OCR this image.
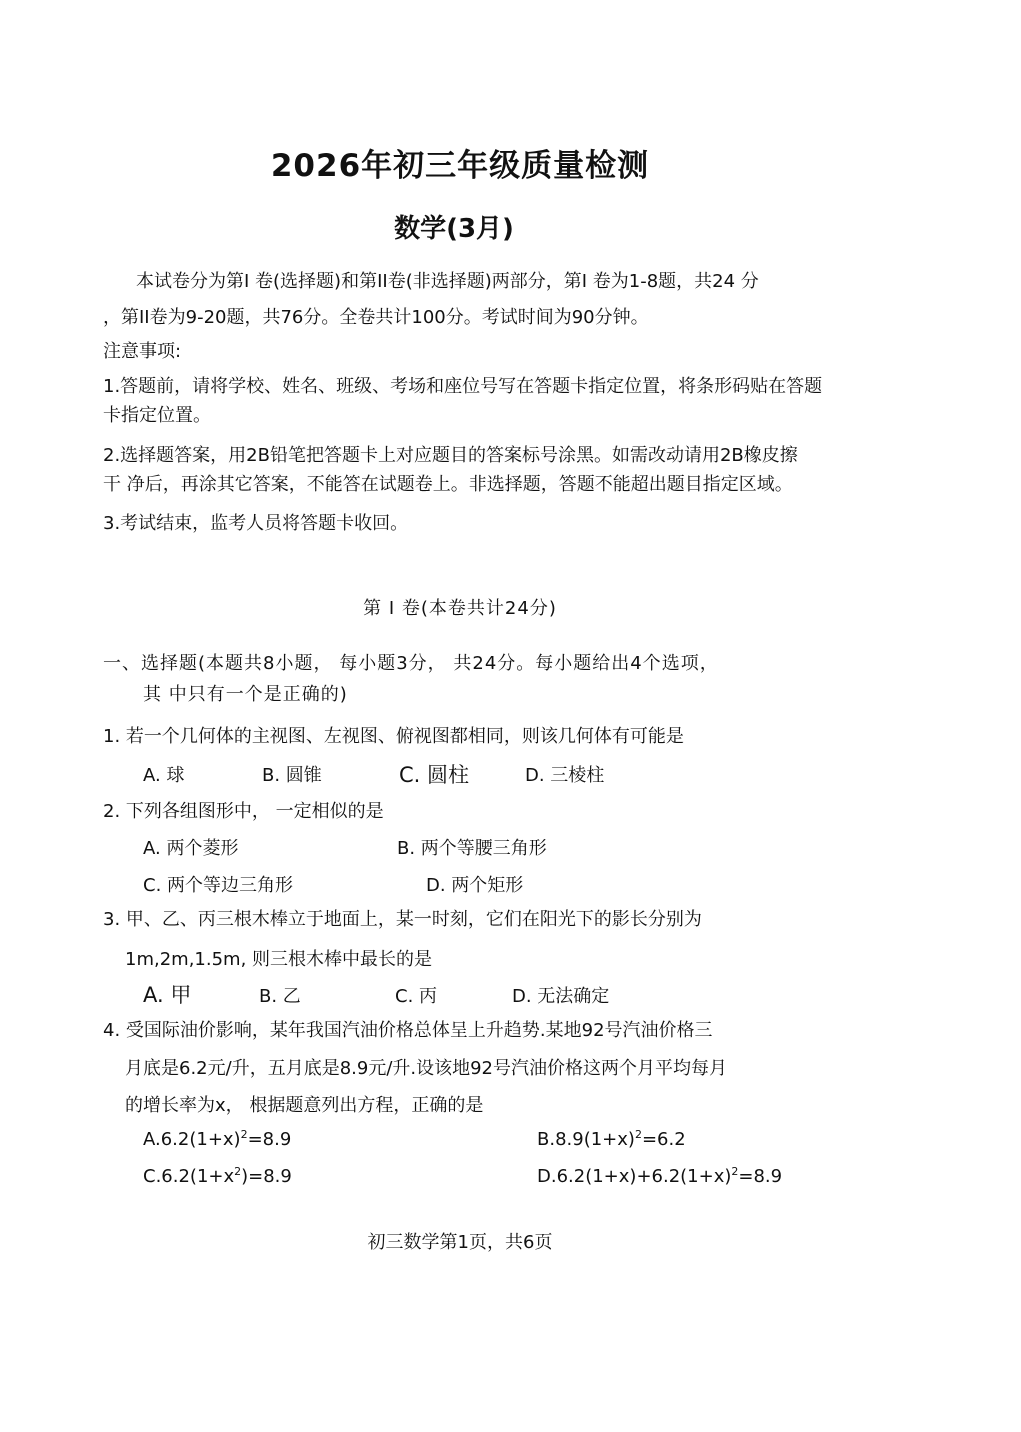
2026年初三年级质量检测
数学(3月)
本试卷分为第I 卷(选择题)和第II卷(非选择题)两部分，第I 卷为1-8题，共24 分
，第II卷为9-20题，共76分。全卷共计100分。考试时间为90分钟。
注意事项:
1.答题前，请将学校、姓名、班级、考场和座位号写在答题卡指定位置，将条形码贴在答题
卡指定位置。
2.选择题答案，用2B铅笔把答题卡上对应题目的答案标号涂黑。如需改动请用2B橡皮擦
干 净后，再涂其它答案，不能答在试题卷上。非选择题，答题不能超出题目指定区域。
3.考试结束，监考人员将答题卡收回。
第 Ⅰ 卷(本卷共计24分)
一、选择题(本题共8小题， 每小题3分， 共24分。每小题给出4个选项，
其 中只有一个是正确的)
1. 若一个几何体的主视图、左视图、俯视图都相同，则该几何体有可能是
A. 球	B. 圆锥	C. 圆柱	D. 三棱柱
2. 下列各组图形中， 一定相似的是
A. 两个菱形	B. 两个等腰三角形
C. 两个等边三角形	D. 两个矩形
3. 甲、乙、丙三根木棒立于地面上，某一时刻，它们在阳光下的影长分别为
1m,2m,1.5m, 则三根木棒中最长的是
A. 甲	B. 乙	C. 丙	D. 无法确定
4. 受国际油价影响，某年我国汽油价格总体呈上升趋势.某地92号汽油价格三
月底是6.2元/升，五月底是8.9元/升.设该地92号汽油价格这两个月平均每月
的增长率为x， 根据题意列出方程，正确的是
$A.6.2(1+x)^2=8.9$	$B.8.9(1+x)^2=6.2$
$C.6.2(1+x^2)=8.9$	$D.6.2(1+x)+6.2(1+x)^2=8.9$
初三数学第1页，共6页
